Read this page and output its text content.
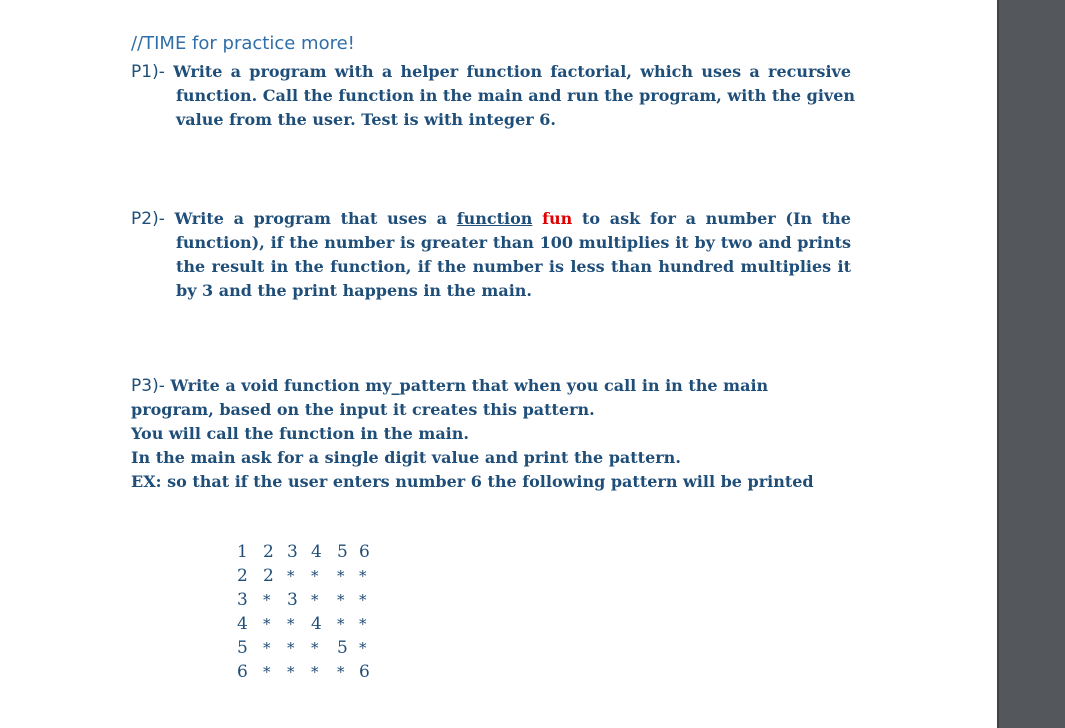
//TIME for practice more!
P1)- Write a program with a helper function factorial, which uses a recursive
function. Call the function in the main and run the program, with the given
value from the user. Test is with integer 6.
P2)- Write a program that uses a function fun to ask for a number (In the
function), if the number is greater than 100 multiplies it by two and prints
the result in the function, if the number is less than hundred multiplies it
by 3 and the print happens in the main.
P3)- Write a void function my_pattern that when you call in in the main
program, based on the input it creates this pattern.
You will call the function in the main.
In the main ask for a single digit value and print the pattern.
EX: so that if the user enters number 6 the following pattern will be printed
1 2 3 4 5 6
2 2 *	*	* *
3	* 3 *	* *
4	*	* 4	* *
5	*	*	*	5 *
6	*	*	*	* 6
